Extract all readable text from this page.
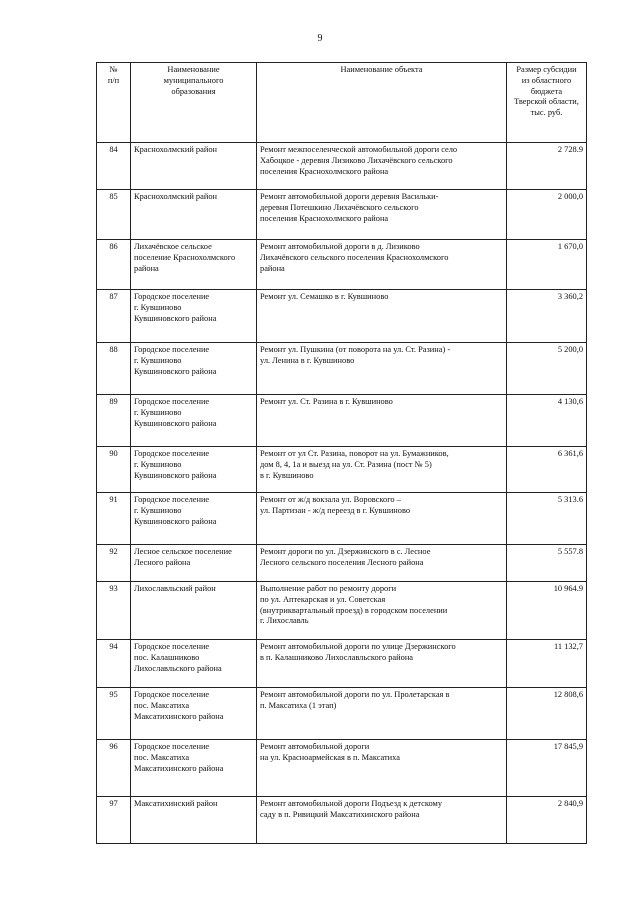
9
№
п/п	Наименование
муниципального
образования	Наименование объекта	Размер субсидии
из областного
бюджета
Тверской области,
тыс. руб.

84	Краснохолмский район	Ремонт межпоселенческой автомобильной дороги село
Хабоцкое - деревня Лизиково Лихачёвского сельского
поселения Краснохолмского района	2 728.9

85	Краснохолмский район	Ремонт автомобильной дороги деревня Васильки-
деревня Потешкино Лихачёвского сельского
поселения Краснохолмского района	2 000,0

86	Лихачёвское сельское
поселение Краснохолмского
района	Ремонт автомобильной дороги в д. Лизиково
Лихачёвского сельского поселения Краснохолмского
района	1 670,0

87	Городское поселение
г. Кувшиново
Кувшиновского района	Ремонт ул. Семашко в г. Кувшиново	3 360,2

88	Городское поселение
г. Кувшиново
Кувшиновского района	Ремонт ул. Пушкина (от поворота на ул. Ст. Разина) -
ул. Ленина в г. Кувшиново	5 200,0

89	Городское поселение
г. Кувшиново
Кувшиновского района	Ремонт ул. Ст. Разина в г. Кувшиново	4 130,6

90	Городское поселение
г. Кувшиново
Кувшиновского района	Ремонт от ул Ст. Разина, поворот на ул. Бумажников,
дом 8, 4, 1а и выезд на ул. Ст. Разина (пост № 5)
в г. Кувшиново	6 361,6

91	Городское поселение
г. Кувшиново
Кувшиновского района	Ремонт от ж/д вокзала ул. Воровского –
ул. Партизан - ж/д переезд в г. Кувшиново	5 313.6

92	Лесное сельское поселение
Лесного района	Ремонт дороги по ул. Дзержинского в с. Лесное
Лесного сельского поселения Лесного района	5 557.8

93	Лихославльский район	Выполнение работ по ремонту дороги
по ул. Аптекарская и ул. Советская
(внутриквартальный проезд) в городском поселении
г. Лихославль	10 964.9

94	Городское поселение
пос. Калашниково
Лихославльского района	Ремонт автомобильной дороги по улице Дзержинского
в п. Калашниково Лихославльского района	11 132,7

95	Городское поселение
пос. Максатиха
Максатихинского района	Ремонт автомобильной дороги по ул. Пролетарская в
п. Максатиха (1 этап)	12 808,6

96	Городское поселение
пос. Максатиха
Максатихинского района	Ремонт автомобильной дороги
на ул. Красноармейская в п. Максатиха	17 845,9

97	Максатихинский район	Ремонт автомобильной дороги Подъезд к детскому
саду в п. Ривицкий Максатихинского района	2 840,9
